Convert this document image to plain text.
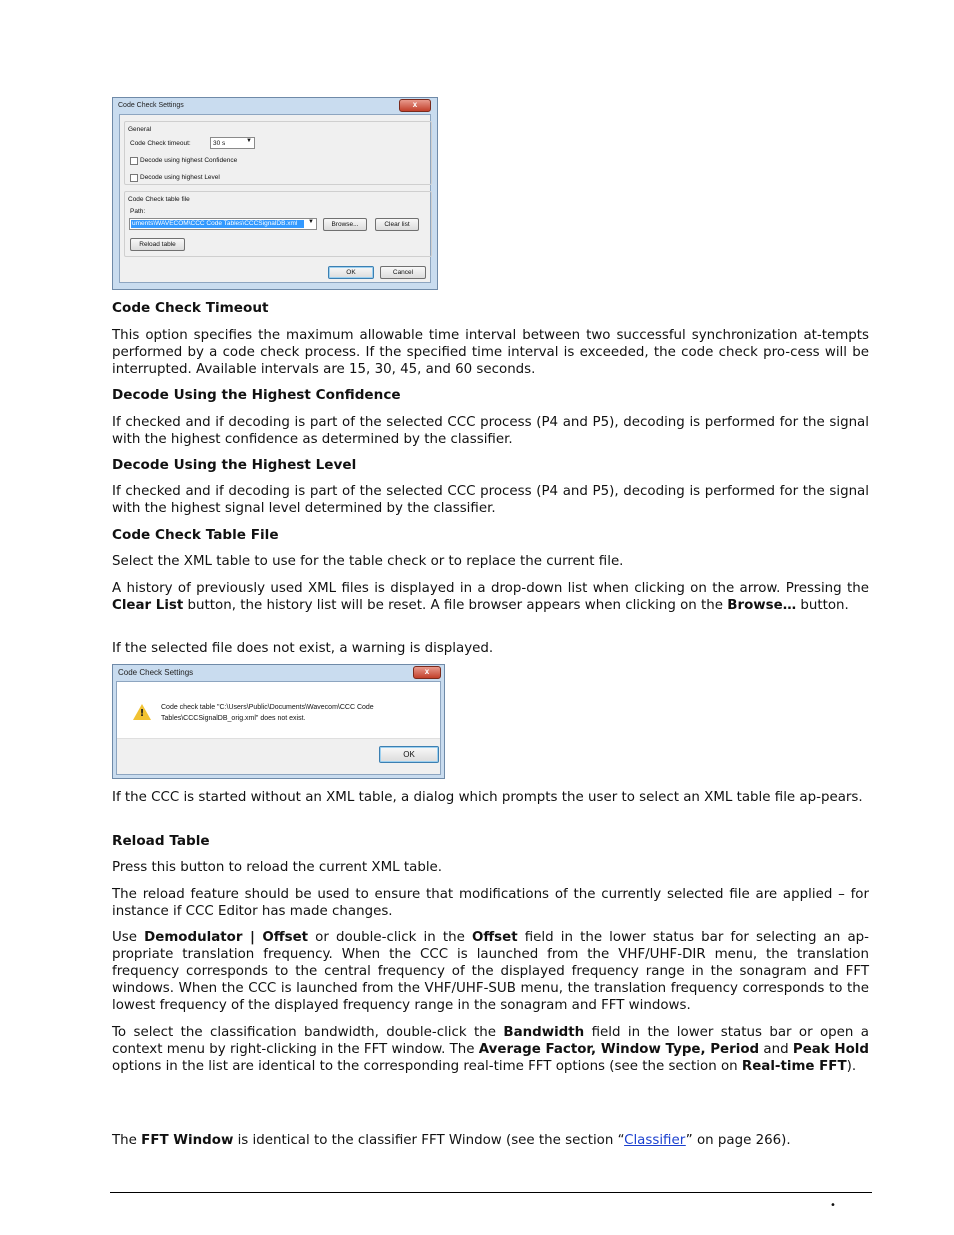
Code Check Settings	x
General
Code Check timeout:	30 s	▼
Decode using highest Confidence
Decode using highest Level
Code Check table file
Path:
uments\WAVECOM\CCC Code Tables\CCCSignalDB.xml	▼	Browse...	Clear list
Reload table
OK	Cancel
Code Check Timeout
This option specifies the maximum allowable time interval between two successful synchronization at-tempts performed by a code check process. If the specified time interval is exceeded, the code check pro-cess will be interrupted. Available intervals are 15, 30, 45, and 60 seconds.
Decode Using the Highest Confidence
If checked and if decoding is part of the selected CCC process (P4 and P5), decoding is performed for the signal with the highest confidence as determined by the classifier.
Decode Using the Highest Level
If checked and if decoding is part of the selected CCC process (P4 and P5), decoding is performed for the signal with the highest signal level determined by the classifier.
Code Check Table File
Select the XML table to use for the table check or to replace the current file.
A history of previously used XML files is displayed in a drop-down list when clicking on the arrow. Pressing the Clear List button, the history list will be reset. A file browser appears when clicking on the Browse… button.
If the selected file does not exist, a warning is displayed.
Code Check Settings	x
!
Code check table "C:\Users\Public\Documents\Wavecom\CCC Code
Tables\CCCSignalDB_orig.xml" does not exist.
OK
If the CCC is started without an XML table, a dialog which prompts the user to select an XML table file ap-pears.
Reload Table
Press this button to reload the current XML table.
The reload feature should be used to ensure that modifications of the currently selected file are applied – for instance if CCC Editor has made changes.
Use Demodulator | Offset or double-click in the Offset field in the lower status bar for selecting an ap-propriate translation frequency. When the CCC is launched from the VHF/UHF-DIR menu, the translation frequency corresponds to the central frequency of the displayed frequency range in the sonagram and FFT windows. When the CCC is launched from the VHF/UHF-SUB menu, the translation frequency corresponds to the lowest frequency of the displayed frequency range in the sonagram and FFT windows.
To select the classification bandwidth, double-click the Bandwidth field in the lower status bar or open a context menu by right-clicking in the FFT window. The Average Factor, Window Type, Period and Peak Hold options in the list are identical to the corresponding real-time FFT options (see the section on Real-time FFT).
The FFT Window is identical to the classifier FFT Window (see the section “Classifier” on page 266).
•
